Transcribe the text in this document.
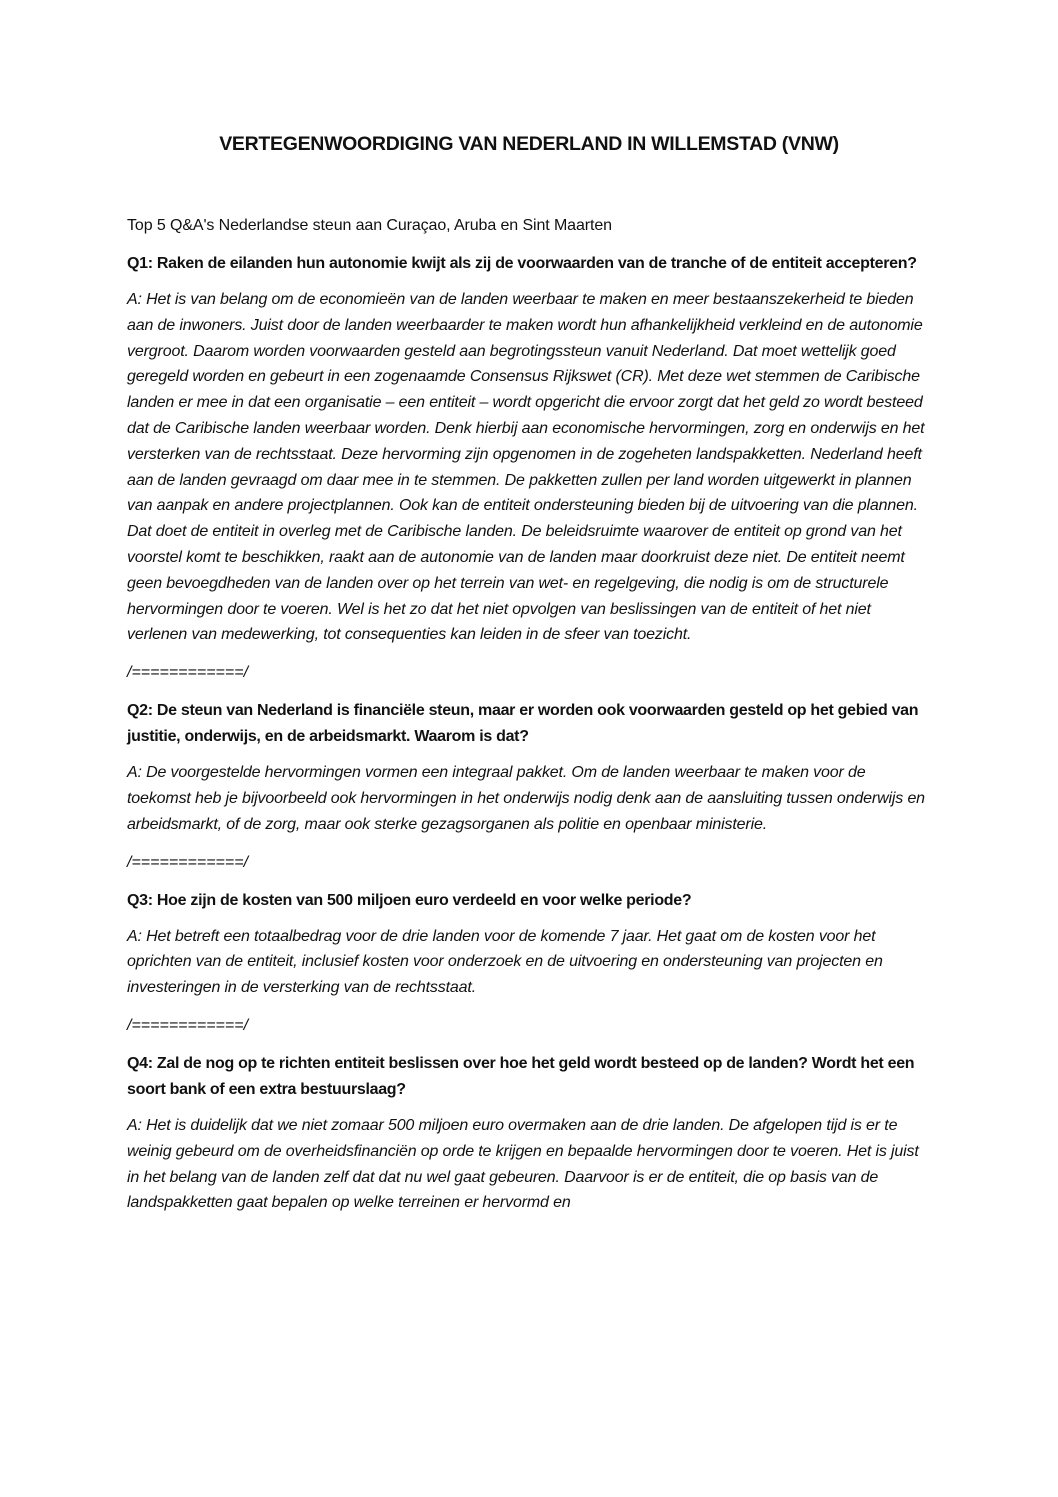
VERTEGENWOORDIGING VAN NEDERLAND IN WILLEMSTAD (VNW)
Top 5 Q&A's Nederlandse steun aan Curaçao, Aruba en Sint Maarten
Q1: Raken de eilanden hun autonomie kwijt als zij de voorwaarden van de tranche of de entiteit accepteren?
A: Het is van belang om de economieën van de landen weerbaar te maken en meer bestaanszekerheid te bieden aan de inwoners. Juist door de landen weerbaarder te maken wordt hun afhankelijkheid verkleind en de autonomie vergroot. Daarom worden voorwaarden gesteld aan begrotingssteun vanuit Nederland. Dat moet wettelijk goed geregeld worden en gebeurt in een zogenaamde Consensus Rijkswet (CR). Met deze wet stemmen de Caribische landen er mee in dat een organisatie – een entiteit – wordt opgericht die ervoor zorgt dat het geld zo wordt besteed dat de Caribische landen weerbaar worden. Denk hierbij aan economische hervormingen, zorg en onderwijs en het versterken van de rechtsstaat. Deze hervorming zijn opgenomen in de zogeheten landspakketten. Nederland heeft aan de landen gevraagd om daar mee in te stemmen. De pakketten zullen per land worden uitgewerkt in plannen van aanpak en andere projectplannen. Ook kan de entiteit ondersteuning bieden bij de uitvoering van die plannen. Dat doet de entiteit in overleg met de Caribische landen. De beleidsruimte waarover de entiteit op grond van het voorstel komt te beschikken, raakt aan de autonomie van de landen maar doorkruist deze niet. De entiteit neemt geen bevoegdheden van de landen over op het terrein van wet- en regelgeving, die nodig is om de structurele hervormingen door te voeren. Wel is het zo dat het niet opvolgen van beslissingen van de entiteit of het niet verlenen van medewerking, tot consequenties kan leiden in de sfeer van toezicht.
/============/
Q2: De steun van Nederland is financiële steun, maar er worden ook voorwaarden gesteld op het gebied van justitie, onderwijs, en de arbeidsmarkt. Waarom is dat?
A: De voorgestelde hervormingen vormen een integraal pakket. Om de landen weerbaar te maken voor de toekomst heb je bijvoorbeeld ook hervormingen in het onderwijs nodig denk aan de aansluiting tussen onderwijs en arbeidsmarkt, of de zorg, maar ook sterke gezagsorganen als politie en openbaar ministerie.
/============/
Q3: Hoe zijn de kosten van 500 miljoen euro verdeeld en voor welke periode?
A: Het betreft een totaalbedrag voor de drie landen voor de komende 7 jaar. Het gaat om de kosten voor het oprichten van de entiteit, inclusief kosten voor onderzoek en de uitvoering en ondersteuning van projecten en investeringen in de versterking van de rechtsstaat.
/============/
Q4: Zal de nog op te richten entiteit beslissen over hoe het geld wordt besteed op de landen? Wordt het een soort bank of een extra bestuurslaag?
A: Het is duidelijk dat we niet zomaar 500 miljoen euro overmaken aan de drie landen. De afgelopen tijd is er te weinig gebeurd om de overheidsfinanciën op orde te krijgen en bepaalde hervormingen door te voeren. Het is juist in het belang van de landen zelf dat dat nu wel gaat gebeuren. Daarvoor is er de entiteit, die op basis van de landspakketten gaat bepalen op welke terreinen er hervormd en
